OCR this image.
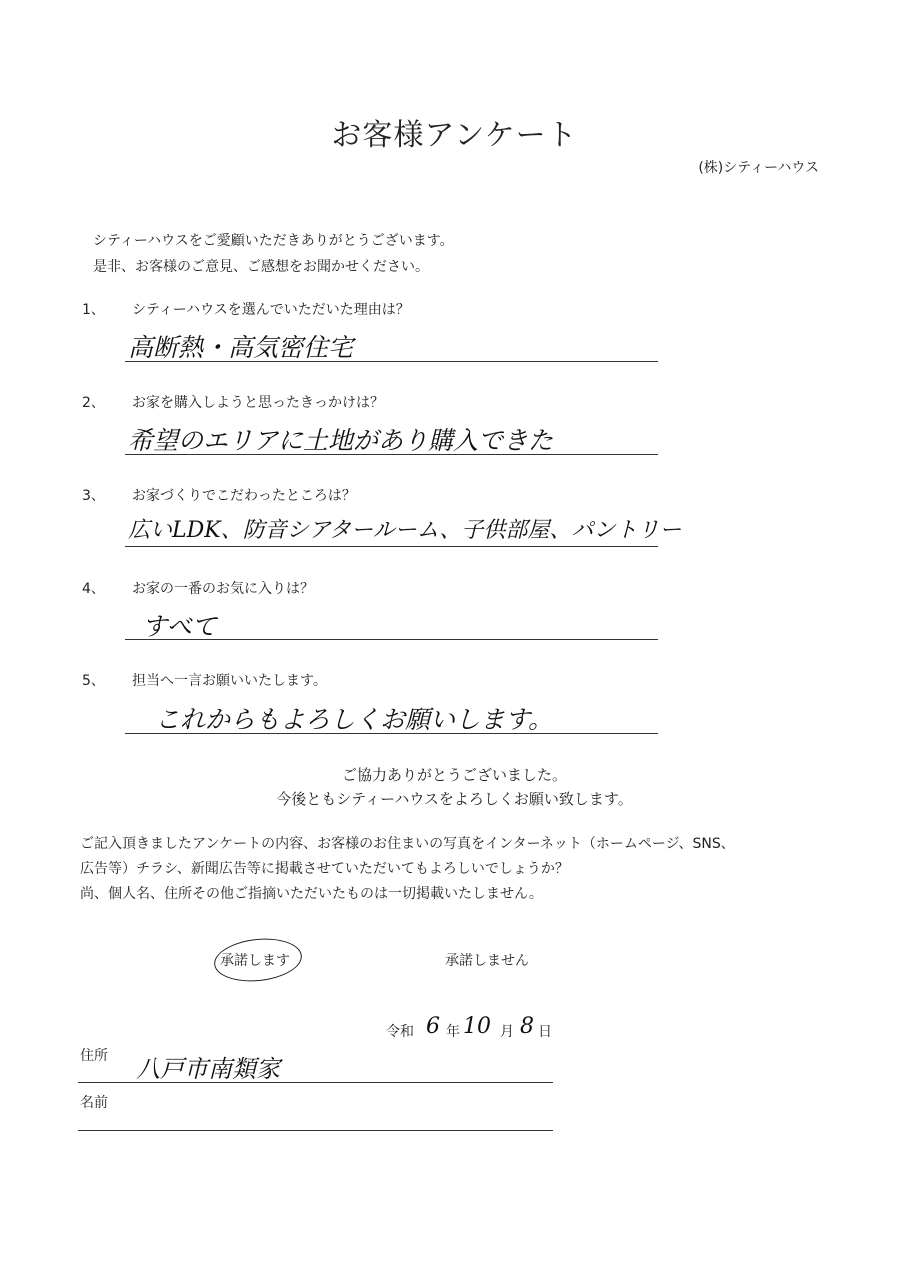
お客様アンケート
(株)シティーハウス
シティーハウスをご愛顧いただきありがとうございます。
是非、お客様のご意見、ご感想をお聞かせください。
1、 シティーハウスを選んでいただいた理由は？
高断熱・高気密住宅
2、 お家を購入しようと思ったきっかけは？
希望のエリアに土地があり購入できた
3、 お家づくりでこだわったところは？
広いLDK、防音シアタールーム、子供部屋、パントリー
4、 お家の一番のお気に入りは？
すべて
5、 担当へ一言お願いいたします。
これからもよろしくお願いします。
ご協力ありがとうございました。
今後ともシティーハウスをよろしくお願い致します。
ご記入頂きましたアンケートの内容、お客様のお住まいの写真をインターネット（ホームページ、SNS、
広告等）チラシ、新聞広告等に掲載させていただいてもよろしいでしょうか？
尚、個人名、住所その他ご指摘いただいたものは一切掲載いたしません。
承諾します	承諾しません
令和 6 年 10 月 8 日
住所 八戸市南類家
名前
